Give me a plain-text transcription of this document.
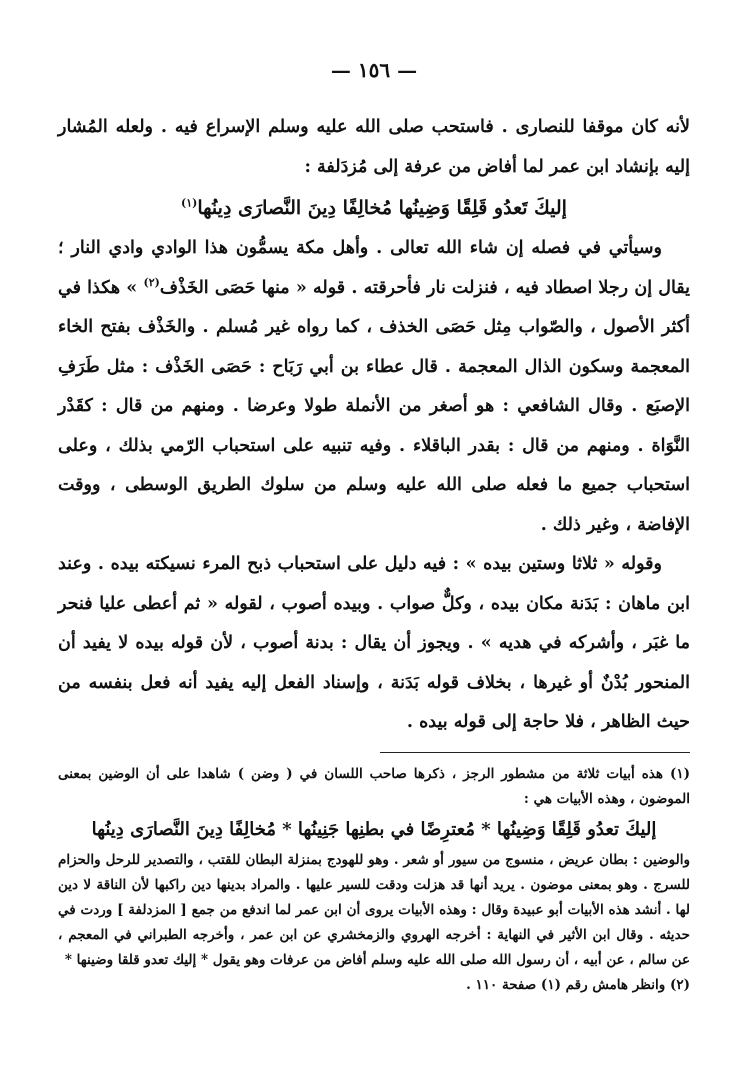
— ١٥٦ —

لأنه كان موقفا للنصارى . فاستحب صلى الله عليه وسلم الإسراع فيه . ولعله المُشار إليه بإنشاد ابن عمر لما أفاض من عرفة إلى مُزدَلفة :

إليكَ تَعدُو قَلِقًا وَضِينُها مُخالِفًا دِينَ النَّصارَى دِينُها$^{(١)}$

وسيأتي في فصله إن شاء الله تعالى . وأهل مكة يسمُّون هذا الوادي وادي النار ؛ يقال إن رجلا اصطاد فيه ، فنزلت نار فأحرقته . قوله « منها حَصَى الخَذْف$^{(٢)}$ » هكذا في أكثر الأصول ، والصّواب مِثل حَصَى الخذف ، كما رواه غير مُسلم . والخَذْف بفتح الخاء المعجمة وسكون الذال المعجمة . قال عطاء بن أبي رَبَاح : حَصَى الخَذْف : مثل طَرَفِ الإصبَع . وقال الشافعي : هو أصغر من الأنملة طولا وعرضا . ومنهم من قال : كقَدْر النَّوَاة . ومنهم من قال : بقدر الباقلاء . وفيه تنبيه على استحباب الرّمي بذلك ، وعلى استحباب جميع ما فعله صلى الله عليه وسلم من سلوك الطريق الوسطى ، ووقت الإفاضة ، وغير ذلك .

وقوله « ثلاثا وستين بيده » : فيه دليل على استحباب ذبح المرء نسيكته بيده . وعند ابن ماهان : بَدَنة مكان بيده ، وكلٌّ صواب . وبيده أصوب ، لقوله « ثم أعطى عليا فنحر ما غبَر ، وأشركه في هديه » . ويجوز أن يقال : بدنة أصوب ، لأن قوله بيده لا يفيد أن المنحور بُدْنٌ أو غيرها ، بخلاف قوله بَدَنة ، وإسناد الفعل إليه يفيد أنه فعل بنفسه من حيث الظاهر ، فلا حاجة إلى قوله بيده .

(١) هذه أبيات ثلاثة من مشطور الرجز ، ذكرها صاحب اللسان في ( وضن ) شاهدا على أن الوضين بمعنى الموضون ، وهذه الأبيات هي :

إليكَ تعدُو قَلِقًا وَضِينُها * مُعترِضًا في بطنِها جَنِينُها * مُخالِفًا دِينَ النَّصارَى دِينُها

والوضين : بطان عريض ، منسوج من سيور أو شعر . وهو للهودج بمنزلة البطان للقتب ، والتصدير للرحل والحزام للسرج . وهو بمعنى موضون . يريد أنها قد هزلت ودقت للسير عليها . والمراد بدينها دين راكبها لأن الناقة لا دين لها . أنشد هذه الأبيات أبو عبيدة وقال : وهذه الأبيات يروى أن ابن عمر لما اندفع من جمع [ المزدلفة ] وردت في حديثه . وقال ابن الأثير في النهاية : أخرجه الهروي والزمخشري عن ابن عمر ، وأخرجه الطبراني في المعجم ، عن سالم ، عن أبيه ، أن رسول الله صلى الله عليه وسلم أفاض من عرفات وهو يقول * إليك تعدو قلقا وضينها *

(٢) وانظر هامش رقم (١) صفحة ١١٠ .
